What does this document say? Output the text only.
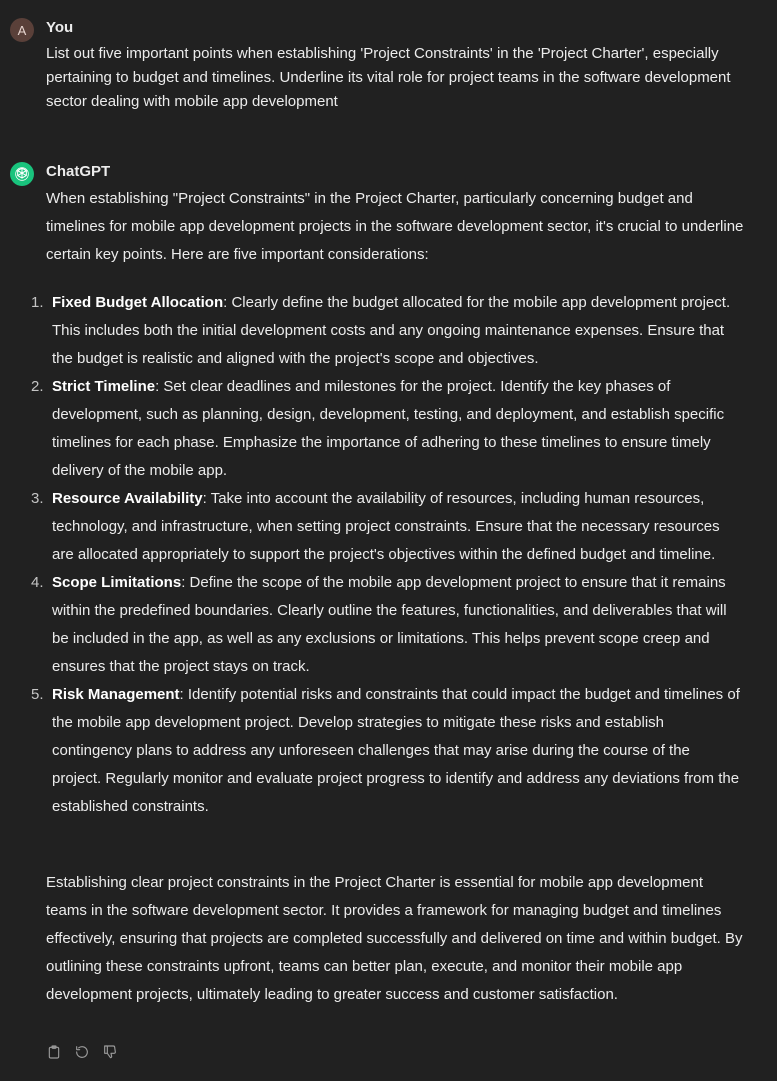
A You
List out five important points when establishing 'Project Constraints' in the 'Project Charter', especially pertaining to budget and timelines. Underline its vital role for project teams in the software development sector dealing with mobile app development
ChatGPT
When establishing "Project Constraints" in the Project Charter, particularly concerning budget and timelines for mobile app development projects in the software development sector, it's crucial to underline certain key points. Here are five important considerations:
1. Fixed Budget Allocation: Clearly define the budget allocated for the mobile app development project. This includes both the initial development costs and any ongoing maintenance expenses. Ensure that the budget is realistic and aligned with the project's scope and objectives.
2. Strict Timeline: Set clear deadlines and milestones for the project. Identify the key phases of development, such as planning, design, development, testing, and deployment, and establish specific timelines for each phase. Emphasize the importance of adhering to these timelines to ensure timely delivery of the mobile app.
3. Resource Availability: Take into account the availability of resources, including human resources, technology, and infrastructure, when setting project constraints. Ensure that the necessary resources are allocated appropriately to support the project's objectives within the defined budget and timeline.
4. Scope Limitations: Define the scope of the mobile app development project to ensure that it remains within the predefined boundaries. Clearly outline the features, functionalities, and deliverables that will be included in the app, as well as any exclusions or limitations. This helps prevent scope creep and ensures that the project stays on track.
5. Risk Management: Identify potential risks and constraints that could impact the budget and timelines of the mobile app development project. Develop strategies to mitigate these risks and establish contingency plans to address any unforeseen challenges that may arise during the course of the project. Regularly monitor and evaluate project progress to identify and address any deviations from the established constraints.
Establishing clear project constraints in the Project Charter is essential for mobile app development teams in the software development sector. It provides a framework for managing budget and timelines effectively, ensuring that projects are completed successfully and delivered on time and within budget. By outlining these constraints upfront, teams can better plan, execute, and monitor their mobile app development projects, ultimately leading to greater success and customer satisfaction.
